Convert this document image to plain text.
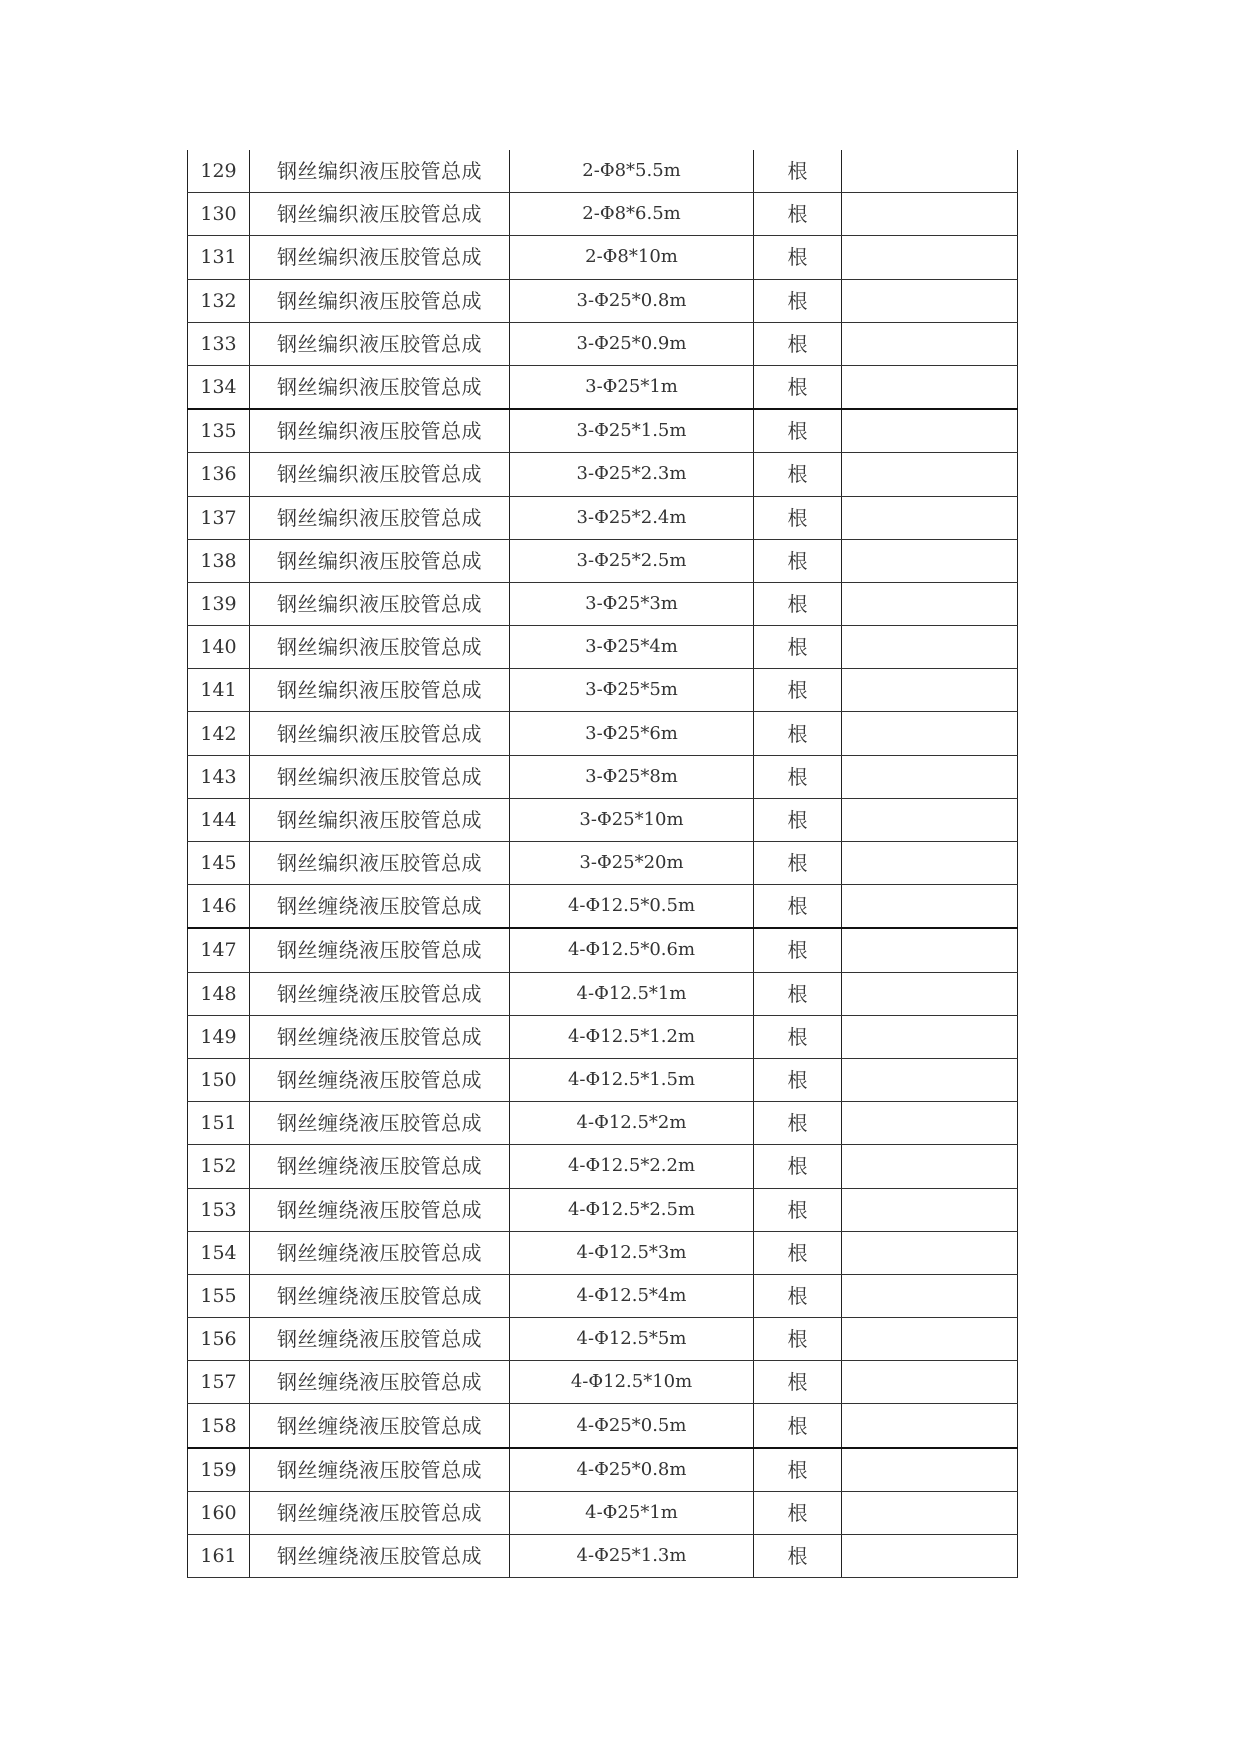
129	钢丝编织液压胶管总成	2-Φ8*5.5m	根	
130	钢丝编织液压胶管总成	2-Φ8*6.5m	根	
131	钢丝编织液压胶管总成	2-Φ8*10m	根	
132	钢丝编织液压胶管总成	3-Φ25*0.8m	根	
133	钢丝编织液压胶管总成	3-Φ25*0.9m	根	
134	钢丝编织液压胶管总成	3-Φ25*1m	根	
135	钢丝编织液压胶管总成	3-Φ25*1.5m	根	
136	钢丝编织液压胶管总成	3-Φ25*2.3m	根	
137	钢丝编织液压胶管总成	3-Φ25*2.4m	根	
138	钢丝编织液压胶管总成	3-Φ25*2.5m	根	
139	钢丝编织液压胶管总成	3-Φ25*3m	根	
140	钢丝编织液压胶管总成	3-Φ25*4m	根	
141	钢丝编织液压胶管总成	3-Φ25*5m	根	
142	钢丝编织液压胶管总成	3-Φ25*6m	根	
143	钢丝编织液压胶管总成	3-Φ25*8m	根	
144	钢丝编织液压胶管总成	3-Φ25*10m	根	
145	钢丝编织液压胶管总成	3-Φ25*20m	根	
146	钢丝缠绕液压胶管总成	4-Φ12.5*0.5m	根	
147	钢丝缠绕液压胶管总成	4-Φ12.5*0.6m	根	
148	钢丝缠绕液压胶管总成	4-Φ12.5*1m	根	
149	钢丝缠绕液压胶管总成	4-Φ12.5*1.2m	根	
150	钢丝缠绕液压胶管总成	4-Φ12.5*1.5m	根	
151	钢丝缠绕液压胶管总成	4-Φ12.5*2m	根	
152	钢丝缠绕液压胶管总成	4-Φ12.5*2.2m	根	
153	钢丝缠绕液压胶管总成	4-Φ12.5*2.5m	根	
154	钢丝缠绕液压胶管总成	4-Φ12.5*3m	根	
155	钢丝缠绕液压胶管总成	4-Φ12.5*4m	根	
156	钢丝缠绕液压胶管总成	4-Φ12.5*5m	根	
157	钢丝缠绕液压胶管总成	4-Φ12.5*10m	根	
158	钢丝缠绕液压胶管总成	4-Φ25*0.5m	根	
159	钢丝缠绕液压胶管总成	4-Φ25*0.8m	根	
160	钢丝缠绕液压胶管总成	4-Φ25*1m	根	
161	钢丝缠绕液压胶管总成	4-Φ25*1.3m	根	
